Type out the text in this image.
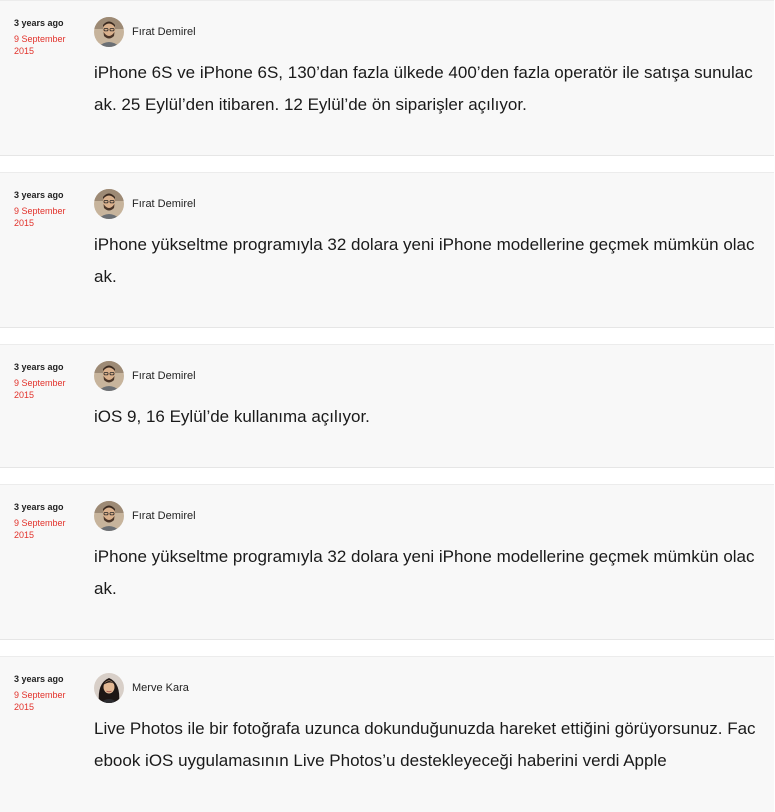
3 years ago
9 September 2015
Fırat Demirel

iPhone 6S ve iPhone 6S, 130’dan fazla ülkede 400’den fazla operatör ile satışa sunulacak. 25 Eylül’den itibaren. 12 Eylül’de ön siparişler açılıyor.

3 years ago
9 September 2015
Fırat Demirel

iPhone yükseltme programıyla 32 dolara yeni iPhone modellerine geçmek mümkün olacak.

3 years ago
9 September 2015
Fırat Demirel

iOS 9, 16 Eylül’de kullanıma açılıyor.

3 years ago
9 September 2015
Fırat Demirel

iPhone yükseltme programıyla 32 dolara yeni iPhone modellerine geçmek mümkün olacak.

3 years ago
9 September 2015
Merve Kara

Live Photos ile bir fotoğrafa uzunca dokunduğunuzda hareket ettiğini görüyorsunuz. Facebook iOS uygulamasının Live Photos’u destekleyeceği haberini verdi Apple
